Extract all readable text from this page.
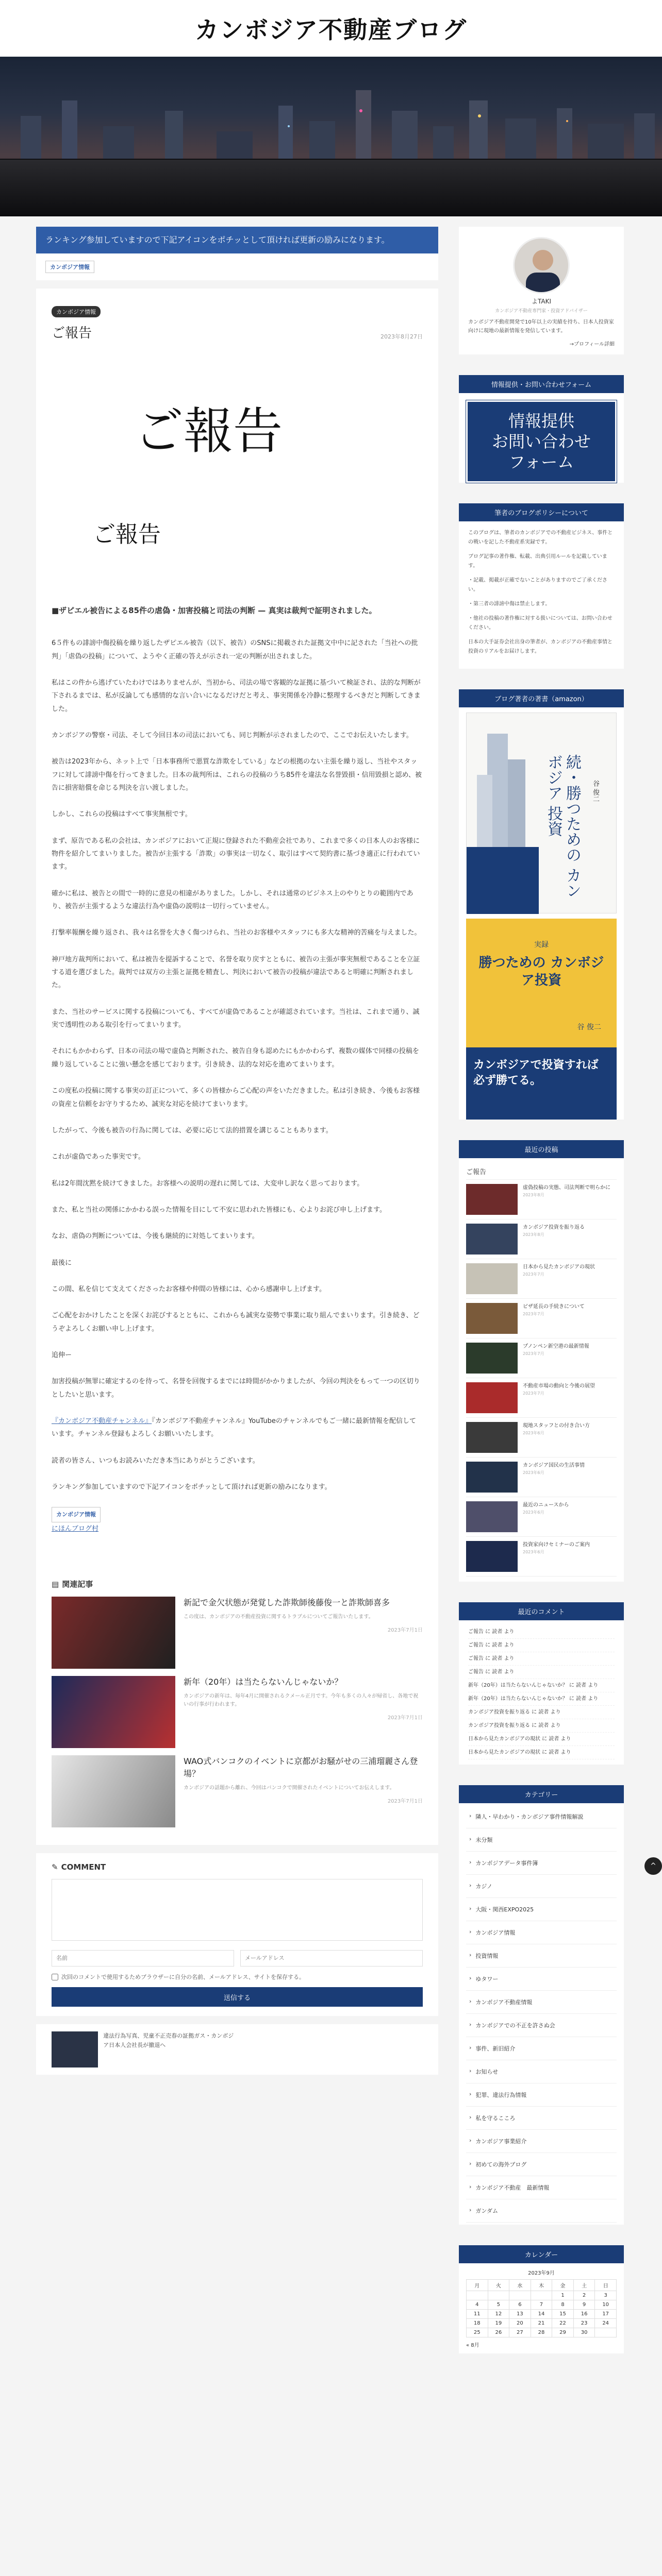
カンボジア不動産ブログ
ランキング参加していますので下記アイコンをポチッとして頂ければ更新の励みになります。
カンボジア情報
カンボジア情報
ご報告	2023年8月27日
ご報告
ご報告

■ザピエル被告による85件の虐偽・加害投稿と司法の判断 — 真実は裁判で証明されました。

6５件もの誹謗中傷投稿を繰り返したザピエル被告（以下、被告）のSNSに掲載された証拠文中中に記された「当社への批判」「虐偽の投稿」について、ようやく正確の答えが示され一定の判断が出されました。

私はこの件から逃げていたわけではありませんが、当初から、司法の場で客観的な証拠に基づいて検証され、法的な判断が下されるまでは、私が反論しても感情的な言い合いになるだけだと考え、事実関係を冷静に整理するべきだと判断してきました。

カンボジアの警察・司法、そして今回日本の司法においても、同じ判断が示されましたので、ここでお伝えいたします。

被告は2023年から、ネット上で「日本事務所で悪質な詐欺をしている」などの根拠のない主張を繰り返し、当社やスタッフに対して誹謗中傷を行ってきました。日本の裁判所は、これらの投稿のうち85件を違法な名誉毀損・信用毀損と認め、被告に損害賠償を命じる判決を言い渡しました。

しかし、これらの投稿はすべて事実無根です。

まず、原告である私の会社は、カンボジアにおいて正規に登録された不動産会社であり、これまで多くの日本人のお客様に物件を紹介してまいりました。被告が主張する「詐欺」の事実は一切なく、取引はすべて契約書に基づき適正に行われています。

確かに私は、被告との間で一時的に意見の相違がありました。しかし、それは通常のビジネス上のやりとりの範囲内であり、被告が主張するような違法行為や虚偽の説明は一切行っていません。

打撃率報酬を繰り返され、我々は名誉を大きく傷つけられ、当社のお客様やスタッフにも多大な精神的苦痛を与えました。

神戸地方裁判所において、私は被告を提訴することで、名誉を取り戻すとともに、被告の主張が事実無根であることを立証する道を選びました。裁判では双方の主張と証拠を精査し、判決において被告の投稿が違法であると明確に判断されました。

また、当社のサービスに関する投稿についても、すべてが虚偽であることが確認されています。当社は、これまで通り、誠実で透明性のある取引を行ってまいります。

それにもかかわらず、日本の司法の場で虚偽と判断された、被告自身も認めたにもかかわらず、複数の媒体で同様の投稿を繰り返していることに強い懸念を感じております。引き続き、法的な対応を進めてまいります。

この度私の投稿に関する事実の訂正について、多くの皆様からご心配の声をいただきました。私は引き続き、今後もお客様の資産と信頼をお守りするため、誠実な対応を続けてまいります。

したがって、今後も被告の行為に関しては、必要に応じて法的措置を講じることもあります。

これが虚偽であった事実です。

私は2年間沈黙を続けてきました。お客様への説明の遅れに関しては、大変申し訳なく思っております。

また、私と当社の関係にかかわる誤った情報を目にして不安に思われた皆様にも、心よりお詫び申し上げます。

なお、虐偽の判断については、今後も継続的に対処してまいります。

最後に

この間、私を信じて支えてくださったお客様や仲間の皆様には、心から感謝申し上げます。

ご心配をおかけしたことを深くお詫びするとともに、これからも誠実な姿勢で事業に取り組んでまいります。引き続き、どうぞよろしくお願い申し上げます。

追伸ー

加害投稿が無罪に確定するのを待って、名誉を回復するまでには時間がかかりましたが、今回の判決をもって一つの区切りとしたいと思います。

『カンボジア不動産チャンネル』『カンボジア不動産チャンネル』YouTubeのチャンネルでもご一緒に最新情報を配信しています。チャンネル登録もよろしくお願いいたします。

読者の皆さん、いつもお読みいただき本当にありがとうございます。

ランキング参加していますので下記アイコンをポチッとして頂ければ更新の励みになります。

カンボジア情報
にほんブログ村

▤ 関連記事
新記で金欠状態が発覚した詐欺師後藤俊一と詐欺師喜多
この度は、カンボジアの不動産投資に関するトラブルについてご報告いたします。
2023年7月1日
新年（20年）は当たらないんじゃないか？
カンボジアの新年は、毎年4月に開催されるクメール正月です。今年も多くの人々が帰省し、各地で祝いの行事が行われます。
2023年7月1日
WAO式バンコクのイベントに京都がお騒がせの三浦瑠麗さん登場？
カンボジアの話題から離れ、今回はバンコクで開催されたイベントについてお伝えします。
2023年7月1日
✎ COMMENT
名前
メールアドレス
次回のコメントで使用するためブラウザーに自分の名前、メールアドレス、サイトを保存する。
送信する
違法行為写真、児童不正売春の証拠ガス・カンボジア日本人会社長が撤退へ
よTAKI
カンボジア不動産専門家・投資アドバイザー
カンボジア不動産開発で10年以上の実績を持ち、日本人投資家向けに現地の最新情報を発信しています。
→プロフィール詳細
情報提供・お問い合わせフォーム
情報提供
お問い合わせ
フォーム
筆者のブログポリシーについて

このブログは、筆者のカンボジアでの不動産ビジネス、事件との戦いを記した不動産系実録です。

ブログ記事の著作権、転載、出典引用ルールを記載しています。

・記載、掲載が正確でないことがありますのでご了承ください。

・第三者の誹謗中傷は禁止します。

・他社の投稿の著作権に対する扱いについては、お問い合わせください。

日本の大手証券会社出身の筆者が、カンボジアの不動産事情と投資のリアルをお届けします。

ブログ著者の著書（amazon）
続・勝つための カンボジア 投資	谷 俊二
実録
勝つための カンボジア投資
谷 俊二
カンボジアで投資すれば必ず勝てる。
最近の投稿
ご報告
虚偽投稿の実態、司法判断で明らかに
2023年8月
カンボジア投資を振り返る
2023年8月
日本から見たカンボジアの現状
2023年7月
ビザ延長の手続きについて
2023年7月
プノンペン新空港の最新情報
2023年7月
不動産市場の動向と今後の展望
2023年7月
現地スタッフとの付き合い方
2023年6月
カンボジア国民の生活事情
2023年6月
最近のニュースから
2023年6月
投資家向けセミナーのご案内
2023年6月
最近のコメント
ご報告 に 読者 より
ご報告 に 読者 より
ご報告 に 読者 より
ご報告 に 読者 より
新年（20年）は当たらないんじゃないか？ に 読者 より
新年（20年）は当たらないんじゃないか？ に 読者 より
カンボジア投資を振り返る に 読者 より
カンボジア投資を振り返る に 読者 より
日本から見たカンボジアの現状 に 読者 より
日本から見たカンボジアの現状 に 読者 より
カテゴリー
› 隣人・早わかり・カンボジア事件情報解説
› 未分類
› カンボジアデータ事件簿
› カジノ
› 大阪・関西EXPO2025
› カンボジア情報
› 投資情報
› ゆタワー
› カンボジア不動産情報
› カンボジアでの不正を許さぬ会
› 事件、新旧紹介
› お知らせ
› 犯罪、違法行為情報
› 私を守るこころ
› カンボジア事業紹介
› 初めての海外ブログ
› カンボジア不動産　最新情報
› ガンダム
カレンダー
2023年9月
月	火	水	木	金	土	日
				1	2	3
4	5	6	7	8	9	10
11	12	13	14	15	16	17
18	19	20	21	22	23	24
25	26	27	28	29	30	
« 8月
^
